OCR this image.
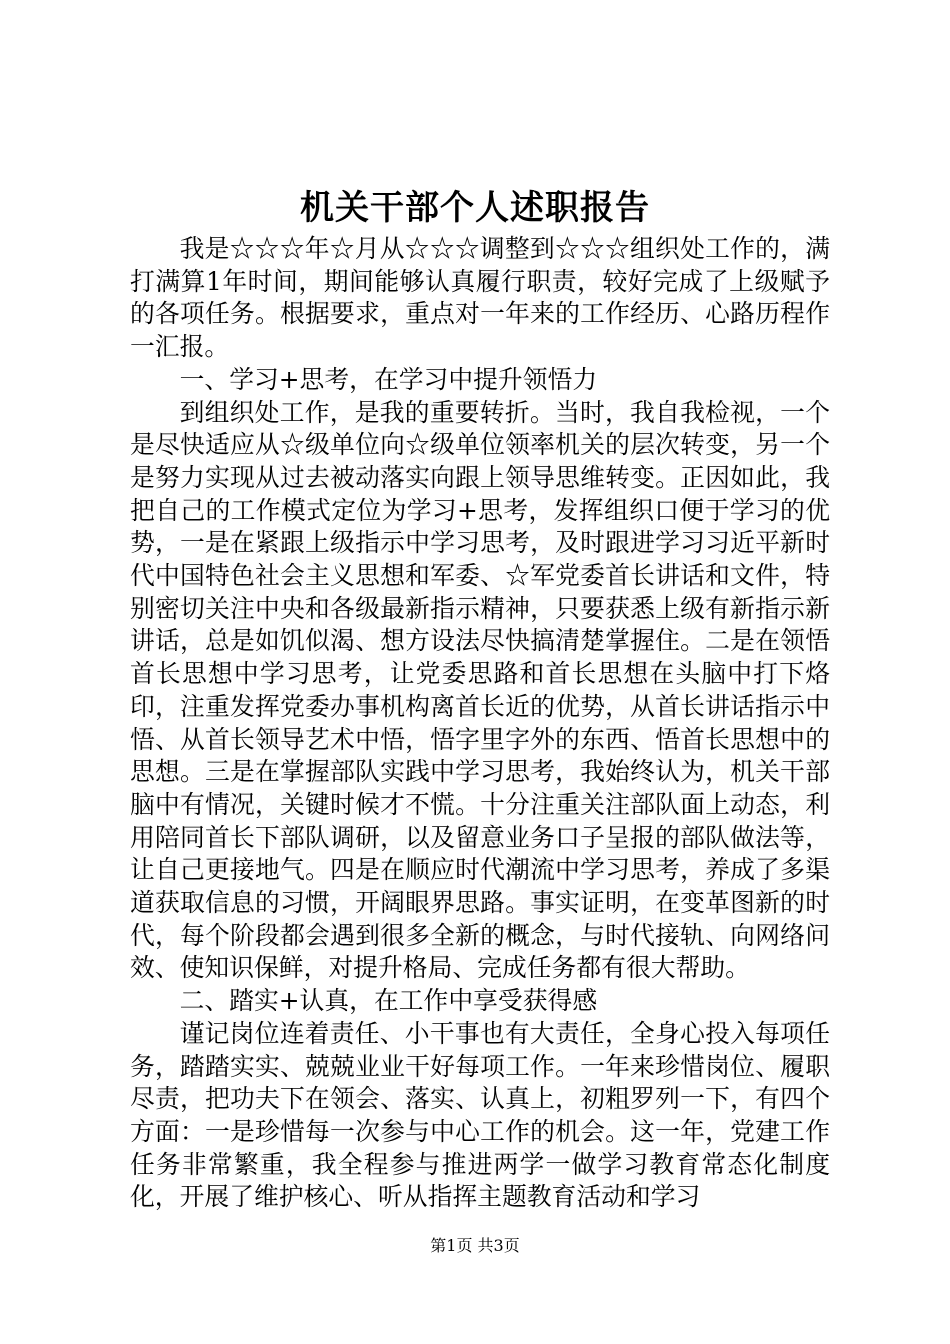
机关干部个人述职报告

我是☆☆☆年☆月从☆☆☆调整到☆☆☆组织处工作的，满打满算1年时间，期间能够认真履行职责，较好完成了上级赋予的各项任务。根据要求，重点对一年来的工作经历、心路历程作一汇报。

一、学习+思考，在学习中提升领悟力

到组织处工作，是我的重要转折。当时，我自我检视，一个是尽快适应从☆级单位向☆级单位领率机关的层次转变，另一个是努力实现从过去被动落实向跟上领导思维转变。正因如此，我把自己的工作模式定位为学习+思考，发挥组织口便于学习的优势，一是在紧跟上级指示中学习思考，及时跟进学习习近平新时代中国特色社会主义思想和军委、☆军党委首长讲话和文件，特别密切关注中央和各级最新指示精神，只要获悉上级有新指示新讲话，总是如饥似渴、想方设法尽快搞清楚掌握住。二是在领悟首长思想中学习思考，让党委思路和首长思想在头脑中打下烙印，注重发挥党委办事机构离首长近的优势，从首长讲话指示中悟、从首长领导艺术中悟，悟字里字外的东西、悟首长思想中的思想。三是在掌握部队实践中学习思考，我始终认为，机关干部脑中有情况，关键时候才不慌。十分注重关注部队面上动态，利用陪同首长下部队调研，以及留意业务口子呈报的部队做法等，让自己更接地气。四是在顺应时代潮流中学习思考，养成了多渠道获取信息的习惯，开阔眼界思路。事实证明，在变革图新的时代，每个阶段都会遇到很多全新的概念，与时代接轨、向网络问效、使知识保鲜，对提升格局、完成任务都有很大帮助。

二、踏实+认真，在工作中享受获得感

谨记岗位连着责任、小干事也有大责任，全身心投入每项任务，踏踏实实、兢兢业业干好每项工作。一年来珍惜岗位、履职尽责，把功夫下在领会、落实、认真上，初粗罗列一下，有四个方面：一是珍惜每一次参与中心工作的机会。这一年，党建工作任务非常繁重，我全程参与推进两学一做学习教育常态化制度化，开展了维护核心、听从指挥主题教育活动和学习

第1页 共3页
